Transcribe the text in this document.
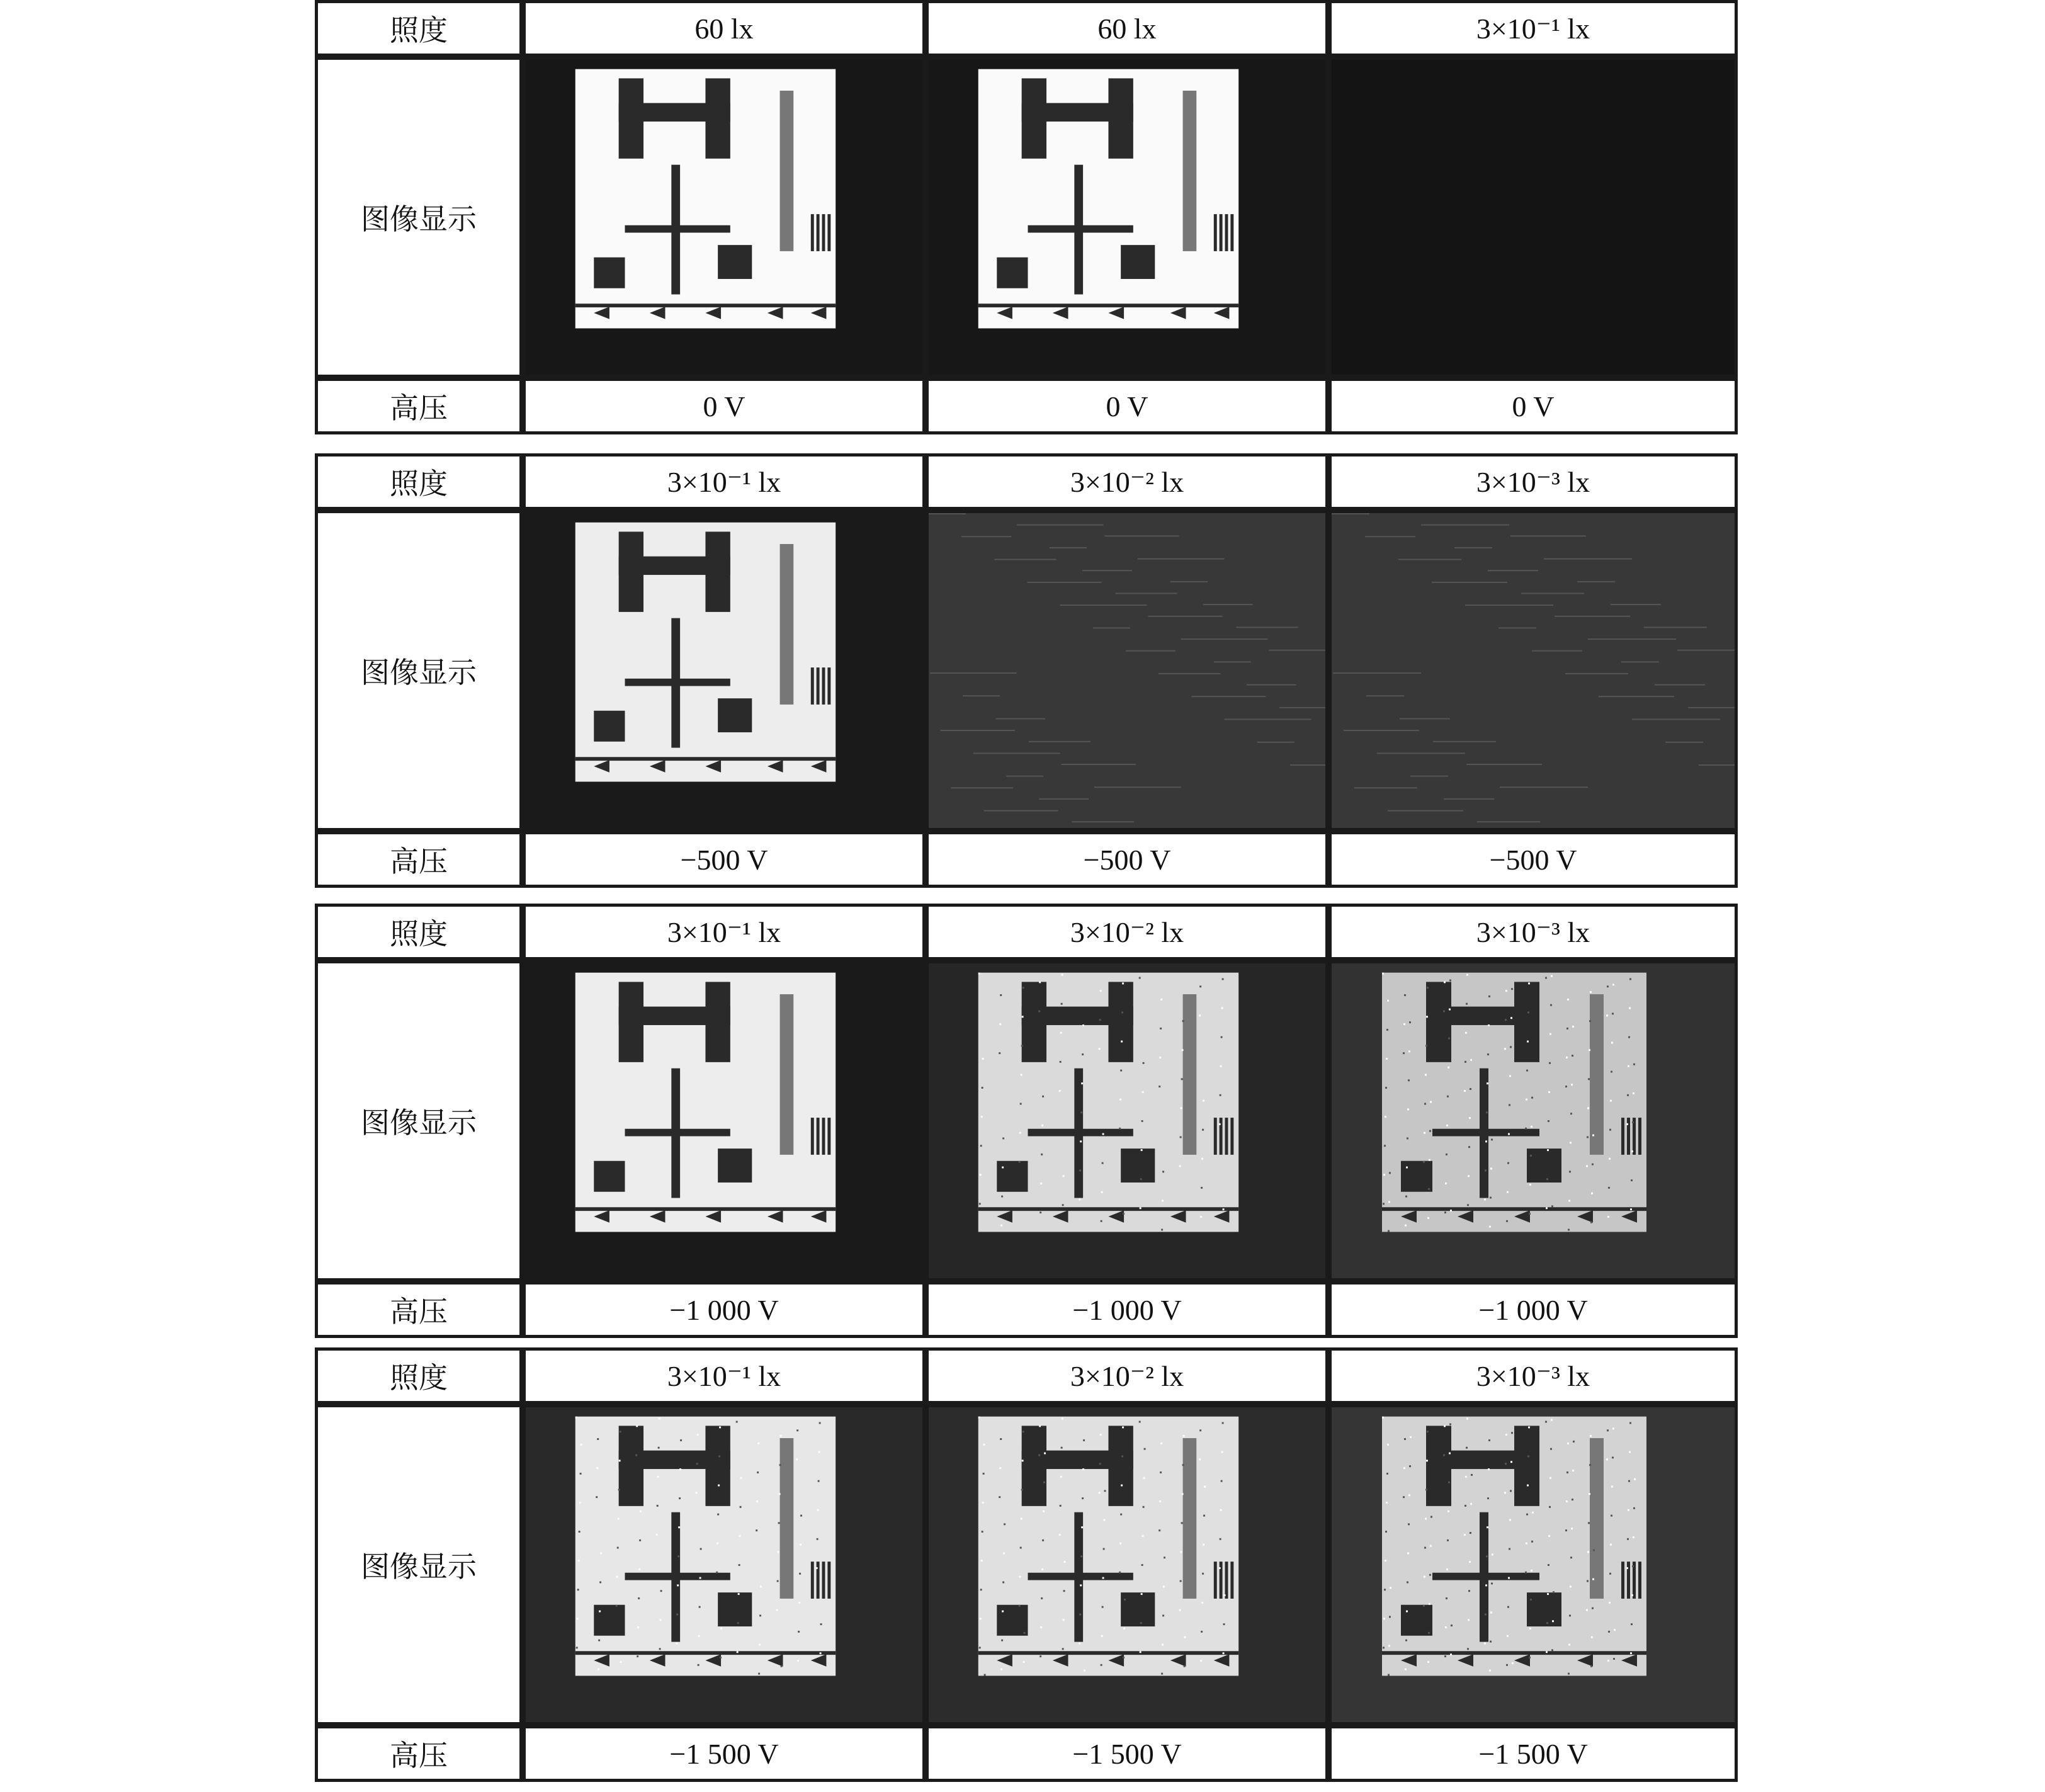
照度	60 lx	60 lx	3×10⁻¹ lx
图像显示
高压	0 V	0 V	0 V
照度	3×10⁻¹ lx	3×10⁻² lx	3×10⁻³ lx
图像显示
高压	−500 V	−500 V	−500 V
照度	3×10⁻¹ lx	3×10⁻² lx	3×10⁻³ lx
图像显示
高压	−1 000 V	−1 000 V	−1 000 V
照度	3×10⁻¹ lx	3×10⁻² lx	3×10⁻³ lx
图像显示
高压	−1 500 V	−1 500 V	−1 500 V
